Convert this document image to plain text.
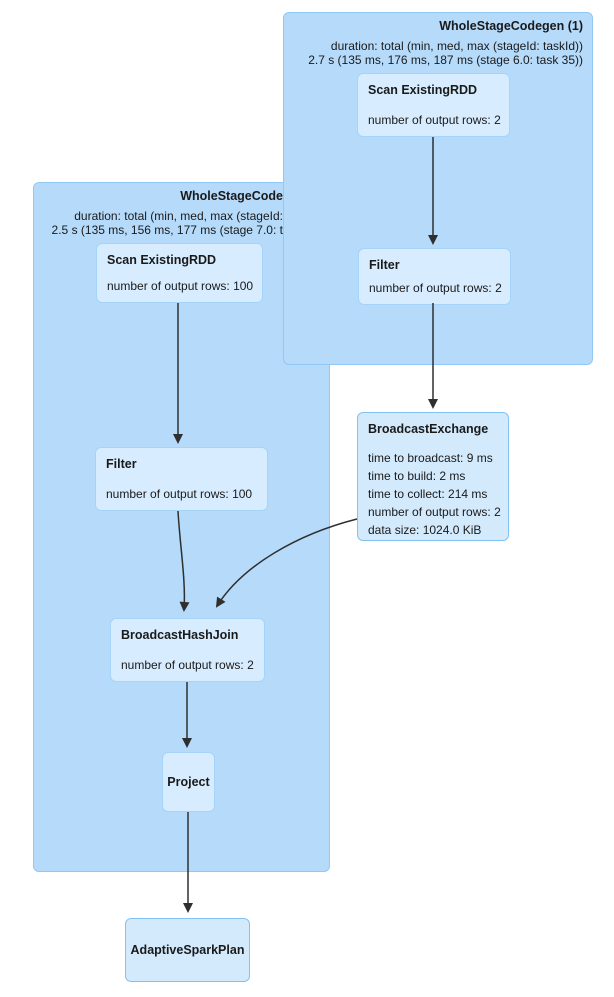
WholeStageCode
duration: total (min, med, max (stageId:
2.5 s (135 ms, 156 ms, 177 ms (stage 7.0: t
WholeStageCodegen (1)
duration: total (min, med, max (stageId: taskId))
2.7 s (135 ms, 176 ms, 187 ms (stage 6.0: task 35))
Scan ExistingRDD
number of output rows: 2
Filter
number of output rows: 2
BroadcastExchange
time to broadcast: 9 ms
time to build: 2 ms
time to collect: 214 ms
number of output rows: 2
data size: 1024.0 KiB
Scan ExistingRDD
number of output rows: 100
Filter
number of output rows: 100
BroadcastHashJoin
number of output rows: 2
Project
AdaptiveSparkPlan
